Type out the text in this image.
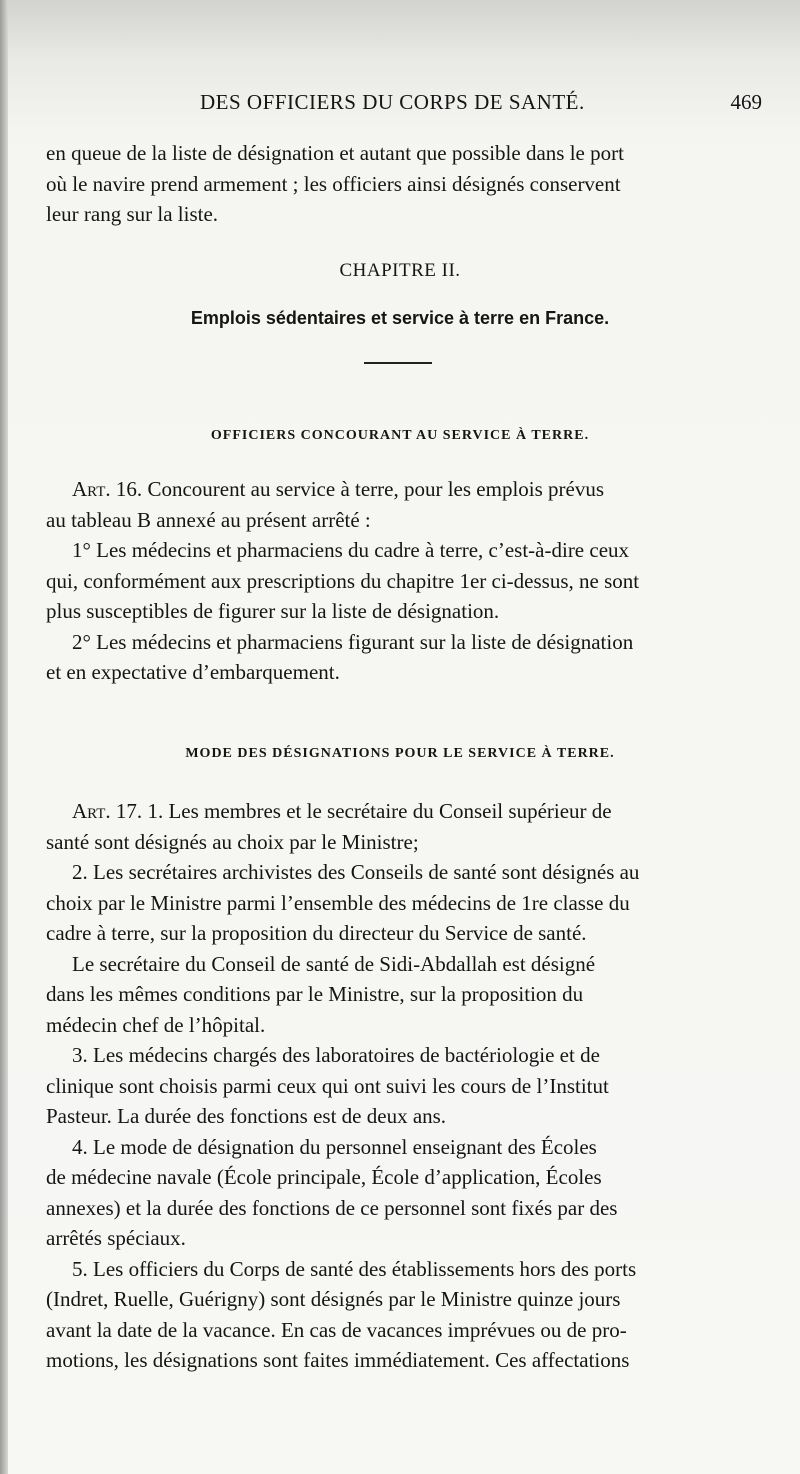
DES OFFICIERS DU CORPS DE SANTÉ.	469
en queue de la liste de désignation et autant que possible dans le port
où le navire prend armement ; les officiers ainsi désignés conservent
leur rang sur la liste.
CHAPITRE II.
Emplois sédentaires et service à terre en France.
OFFICIERS CONCOURANT AU SERVICE À TERRE.
Art. 16. Concourent au service à terre, pour les emplois prévus
au tableau B annexé au présent arrêté :
1° Les médecins et pharmaciens du cadre à terre, c’est-à-dire ceux
qui, conformément aux prescriptions du chapitre 1er ci-dessus, ne sont
plus susceptibles de figurer sur la liste de désignation.
2° Les médecins et pharmaciens figurant sur la liste de désignation
et en expectative d’embarquement.
MODE DES DÉSIGNATIONS POUR LE SERVICE À TERRE.
Art. 17. 1. Les membres et le secrétaire du Conseil supérieur de
santé sont désignés au choix par le Ministre;
2. Les secrétaires archivistes des Conseils de santé sont désignés au
choix par le Ministre parmi l’ensemble des médecins de 1re classe du
cadre à terre, sur la proposition du directeur du Service de santé.
Le secrétaire du Conseil de santé de Sidi-Abdallah est désigné
dans les mêmes conditions par le Ministre, sur la proposition du
médecin chef de l’hôpital.
3. Les médecins chargés des laboratoires de bactériologie et de
clinique sont choisis parmi ceux qui ont suivi les cours de l’Institut
Pasteur. La durée des fonctions est de deux ans.
4. Le mode de désignation du personnel enseignant des Écoles
de médecine navale (École principale, École d’application, Écoles
annexes) et la durée des fonctions de ce personnel sont fixés par des
arrêtés spéciaux.
5. Les officiers du Corps de santé des établissements hors des ports
(Indret, Ruelle, Guérigny) sont désignés par le Ministre quinze jours
avant la date de la vacance. En cas de vacances imprévues ou de pro-
motions, les désignations sont faites immédiatement. Ces affectations
